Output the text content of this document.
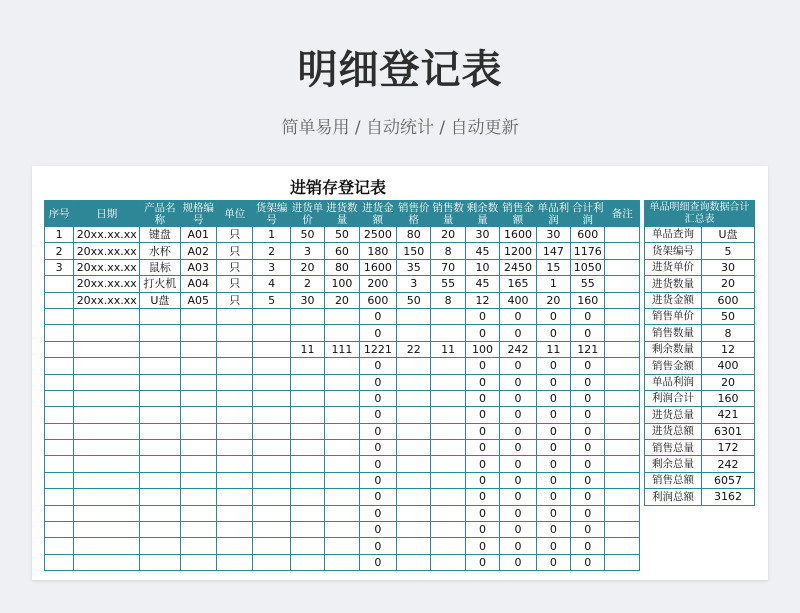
明细登记表
简单易用 / 自动统计 / 自动更新
进销存登记表
序号	日期	产品名称	规格编号	单位	货架编号	进货单价	进货数量	进货金额	销售价格	销售数量	剩余数量	销售金额	单品利润	合计利润	备注
1	20xx.xx.xx	键盘	A01	只	1	50	50	2500	80	20	30	1600	30	600	
2	20xx.xx.xx	水杯	A02	只	2	3	60	180	150	8	45	1200	147	1176	
3	20xx.xx.xx	鼠标	A03	只	3	20	80	1600	35	70	10	2450	15	1050	
	20xx.xx.xx	打火机	A04	只	4	2	100	200	3	55	45	165	1	55	
	20xx.xx.xx	U盘	A05	只	5	30	20	600	50	8	12	400	20	160	
								0			0	0	0	0	
								0			0	0	0	0	
						11	111	1221	22	11	100	242	11	121	
								0			0	0	0	0	
								0			0	0	0	0	
								0			0	0	0	0	
								0			0	0	0	0	
								0			0	0	0	0	
								0			0	0	0	0	
								0			0	0	0	0	
								0			0	0	0	0	
								0			0	0	0	0	
								0			0	0	0	0	
								0			0	0	0	0	
								0			0	0	0	0	
								0			0	0	0	0	
单品明细查询数据合计汇总表	
单品查询	U盘
货架编号	5
进货单价	30
进货数量	20
进货金额	600
销售单价	50
销售数量	8
剩余数量	12
销售金额	400
单品利润	20
利润合计	160
进货总量	421
进货总额	6301
销售总量	172
剩余总量	242
销售总额	6057
利润总额	3162
